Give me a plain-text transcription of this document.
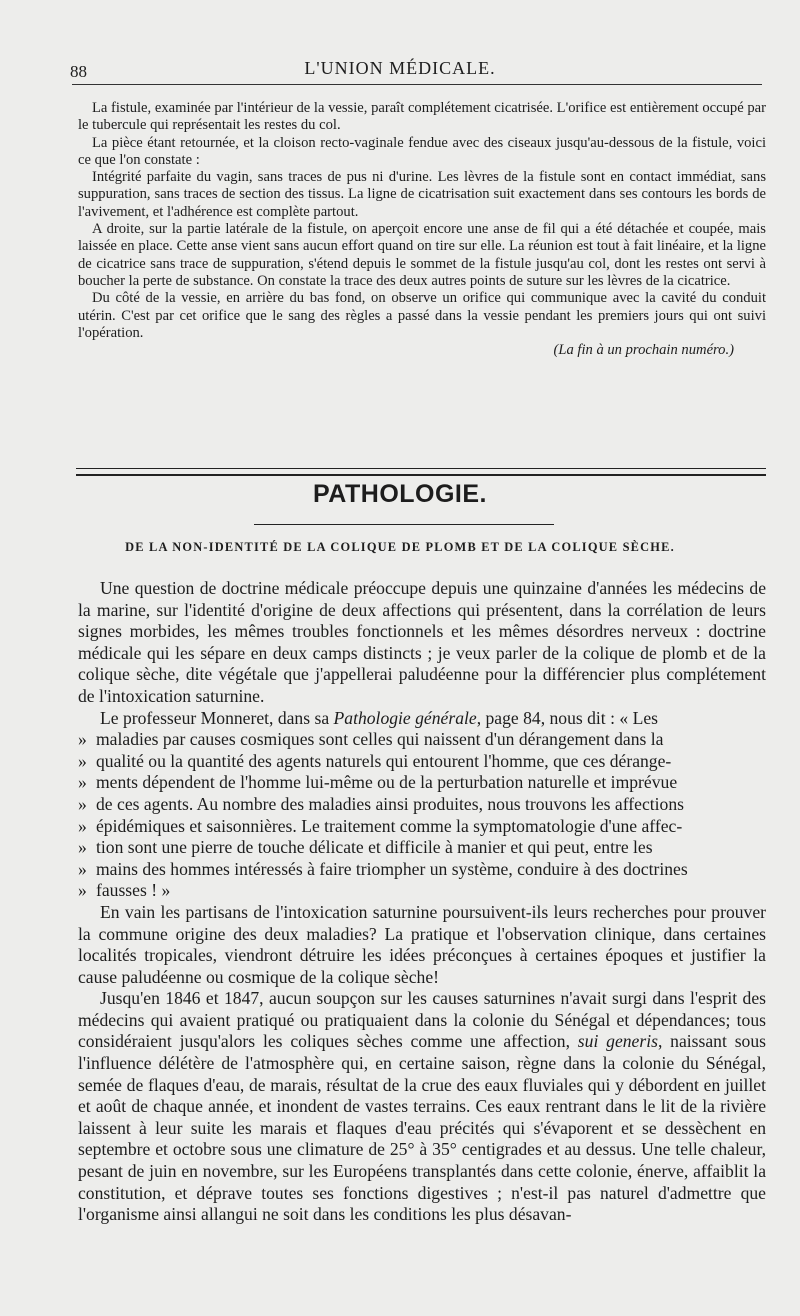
88	L'UNION MÉDICALE.

La fistule, examinée par l'intérieur de la vessie, paraît complétement cicatrisée. L'orifice est entièrement occupé par le tubercule qui représentait les restes du col.

La pièce étant retournée, et la cloison recto-vaginale fendue avec des ciseaux jusqu'au-dessous de la fistule, voici ce que l'on constate :

Intégrité parfaite du vagin, sans traces de pus ni d'urine. Les lèvres de la fistule sont en contact immédiat, sans suppuration, sans traces de section des tissus. La ligne de cicatrisation suit exactement dans ses contours les bords de l'avivement, et l'adhérence est complète partout.

A droite, sur la partie latérale de la fistule, on aperçoit encore une anse de fil qui a été détachée et coupée, mais laissée en place. Cette anse vient sans aucun effort quand on tire sur elle. La réunion est tout à fait linéaire, et la ligne de cicatrice sans trace de suppuration, s'étend depuis le sommet de la fistule jusqu'au col, dont les restes ont servi à boucher la perte de substance. On constate la trace des deux autres points de suture sur les lèvres de la cicatrice.

Du côté de la vessie, en arrière du bas fond, on observe un orifice qui communique avec la cavité du conduit utérin. C'est par cet orifice que le sang des règles a passé dans la vessie pendant les premiers jours qui ont suivi l'opération.

(La fin à un prochain numéro.)

PATHOLOGIE.
DE LA NON-IDENTITÉ DE LA COLIQUE DE PLOMB ET DE LA COLIQUE SÈCHE.

Une question de doctrine médicale préoccupe depuis une quinzaine d'années les médecins de la marine, sur l'identité d'origine de deux affections qui présentent, dans la corrélation de leurs signes morbides, les mêmes troubles fonctionnels et les mêmes désordres nerveux : doctrine médicale qui les sépare en deux camps distincts ; je veux parler de la colique de plomb et de la colique sèche, dite végétale que j'appellerai paludéenne pour la différencier plus complétement de l'intoxication saturnine.

Le professeur Monneret, dans sa Pathologie générale, page 84, nous dit : « Les

» maladies par causes cosmiques sont celles qui naissent d'un dérangement dans la

» qualité ou la quantité des agents naturels qui entourent l'homme, que ces dérange-

» ments dépendent de l'homme lui-même ou de la perturbation naturelle et imprévue

» de ces agents. Au nombre des maladies ainsi produites, nous trouvons les affections

» épidémiques et saisonnières. Le traitement comme la symptomatologie d'une affec-

» tion sont une pierre de touche délicate et difficile à manier et qui peut, entre les

» mains des hommes intéressés à faire triompher un système, conduire à des doctrines

» fausses ! »

En vain les partisans de l'intoxication saturnine poursuivent-ils leurs recherches pour prouver la commune origine des deux maladies? La pratique et l'observation clinique, dans certaines localités tropicales, viendront détruire les idées préconçues à certaines époques et justifier la cause paludéenne ou cosmique de la colique sèche!

Jusqu'en 1846 et 1847, aucun soupçon sur les causes saturnines n'avait surgi dans l'esprit des médecins qui avaient pratiqué ou pratiquaient dans la colonie du Sénégal et dépendances; tous considéraient jusqu'alors les coliques sèches comme une affection, sui generis, naissant sous l'influence délétère de l'atmosphère qui, en certaine saison, règne dans la colonie du Sénégal, semée de flaques d'eau, de marais, résultat de la crue des eaux fluviales qui y débordent en juillet et août de chaque année, et inondent de vastes terrains. Ces eaux rentrant dans le lit de la rivière laissent à leur suite les marais et flaques d'eau précités qui s'évaporent et se dessèchent en septembre et octobre sous une climature de 25° à 35° centigrades et au dessus. Une telle chaleur, pesant de juin en novembre, sur les Européens transplantés dans cette colonie, énerve, affaiblit la constitution, et déprave toutes ses fonctions digestives ; n'est-il pas naturel d'admettre que l'organisme ainsi allangui ne soit dans les conditions les plus désavan-
